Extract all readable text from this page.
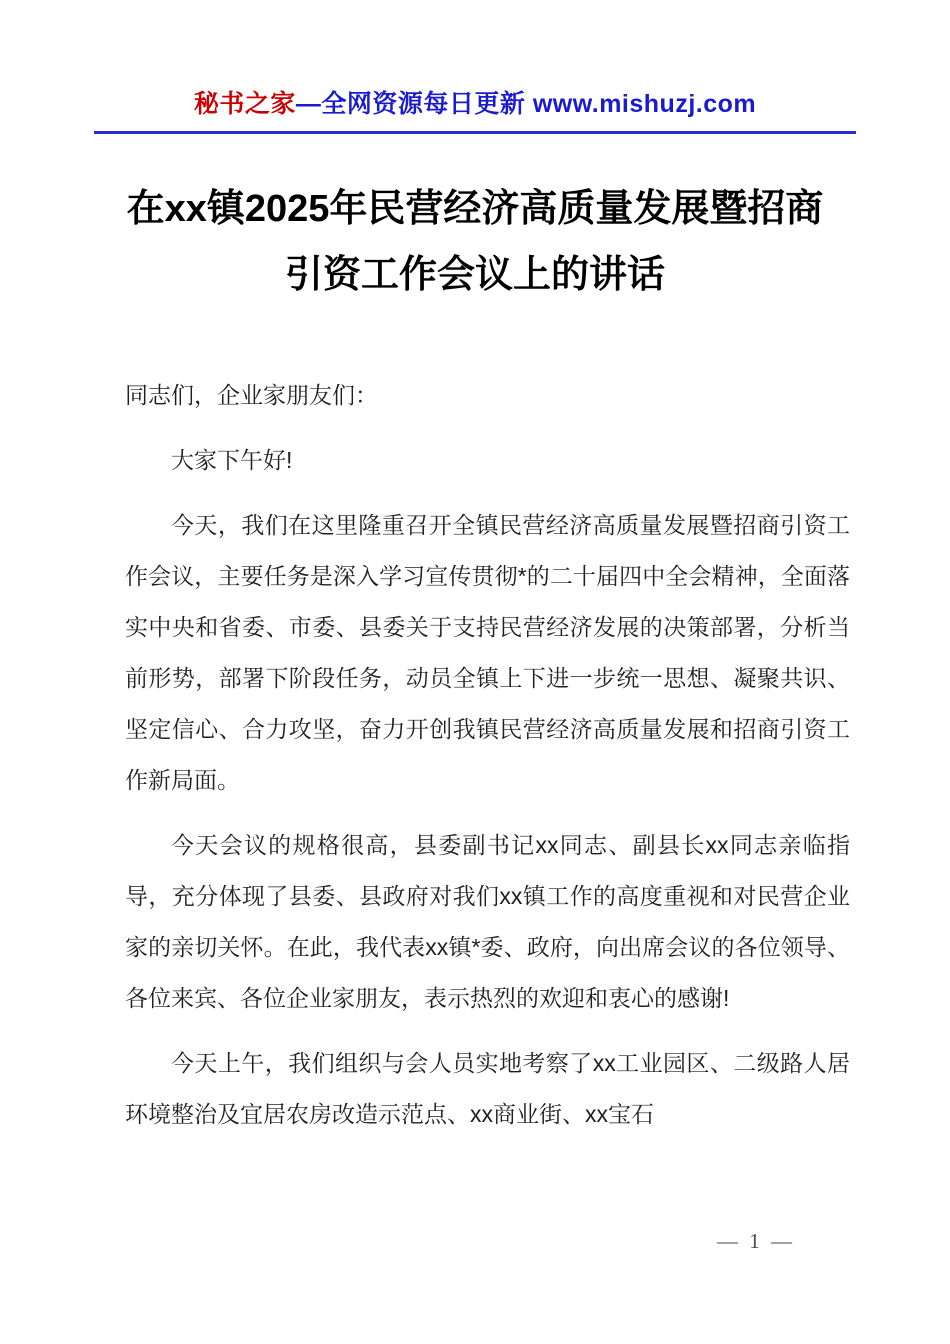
秘书之家—全网资源每日更新 www.mishuzj.com
在xx镇2025年民营经济高质量发展暨招商
引资工作会议上的讲话

同志们，企业家朋友们：

大家下午好!

今天，我们在这里隆重召开全镇民营经济高质量发展暨招商引资工作会议，主要任务是深入学习宣传贯彻*的二十届四中全会精神，全面落实中央和省委、市委、县委关于支持民营经济发展的决策部署，分析当前形势，部署下阶段任务，动员全镇上下进一步统一思想、凝聚共识、坚定信心、合力攻坚，奋力开创我镇民营经济高质量发展和招商引资工作新局面。

今天会议的规格很高，县委副书记xx同志、副县长xx同志亲临指导，充分体现了县委、县政府对我们xx镇工作的高度重视和对民营企业家的亲切关怀。在此，我代表xx镇*委、政府，向出席会议的各位领导、各位来宾、各位企业家朋友，表示热烈的欢迎和衷心的感谢!

今天上午，我们组织与会人员实地考察了xx工业园区、二级路人居环境整治及宜居农房改造示范点、xx商业街、xx宝石

— 1 —
